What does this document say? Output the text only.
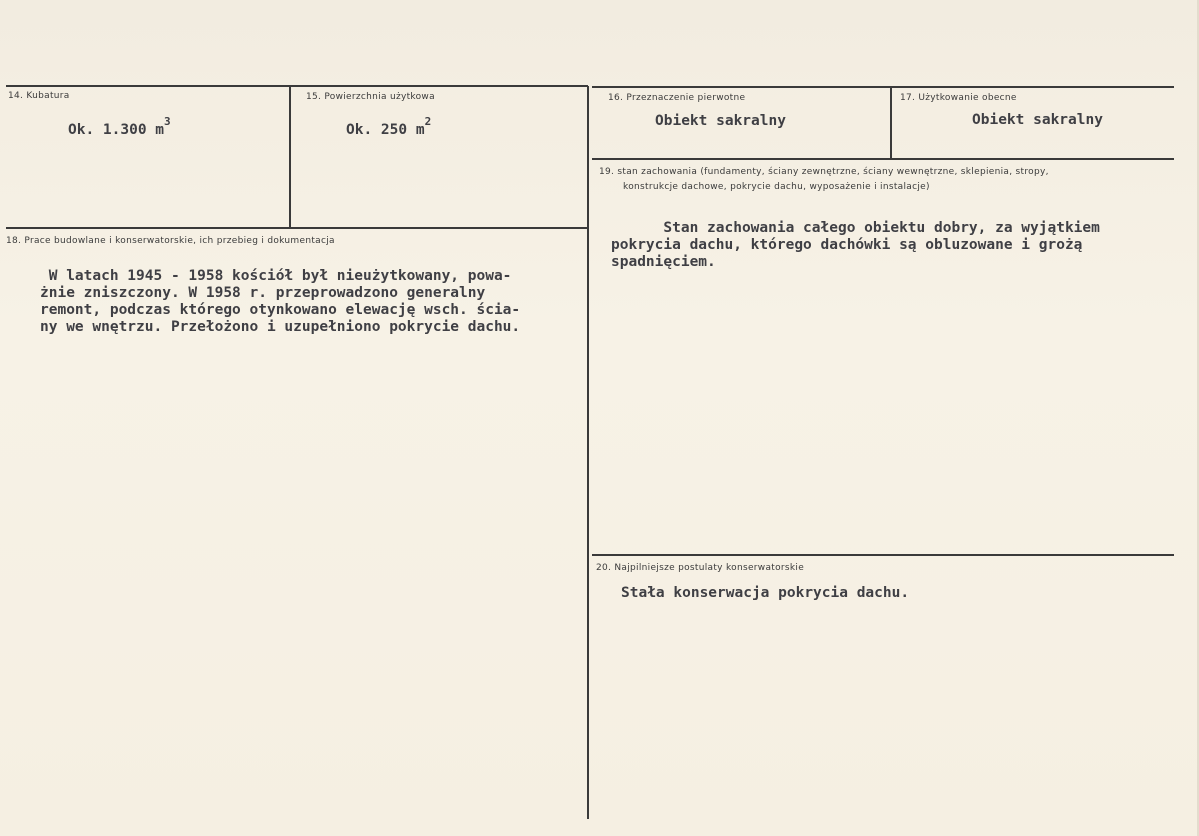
14. Kubatura
Ok. 1.300 $m^3$
15. Powierzchnia użytkowa
Ok. 250 $m^2$
16. Przeznaczenie pierwotne
Obiekt sakralny
17. Użytkowanie obecne
Obiekt sakralny
18. Prace budowlane i konserwatorskie, ich przebieg i dokumentacja
W latach 1945 - 1958 kościół był nieużytkowany, powa-
żnie zniszczony. W 1958 r. przeprowadzono generalny
remont, podczas którego otynkowano elewację wsch. ścia-
ny we wnętrzu. Przełożono i uzupełniono pokrycie dachu.
19. stan zachowania (fundamenty, ściany zewnętrzne, ściany wewnętrzne, sklepienia, stropy,
konstrukcje dachowe, pokrycie dachu, wyposażenie i instalacje)
Stan zachowania całego obiektu dobry, za wyjątkiem
pokrycia dachu, którego dachówki są obluzowane i grożą
spadnięciem.
20. Najpilniejsze postulaty konserwatorskie
Stała konserwacja pokrycia dachu.
